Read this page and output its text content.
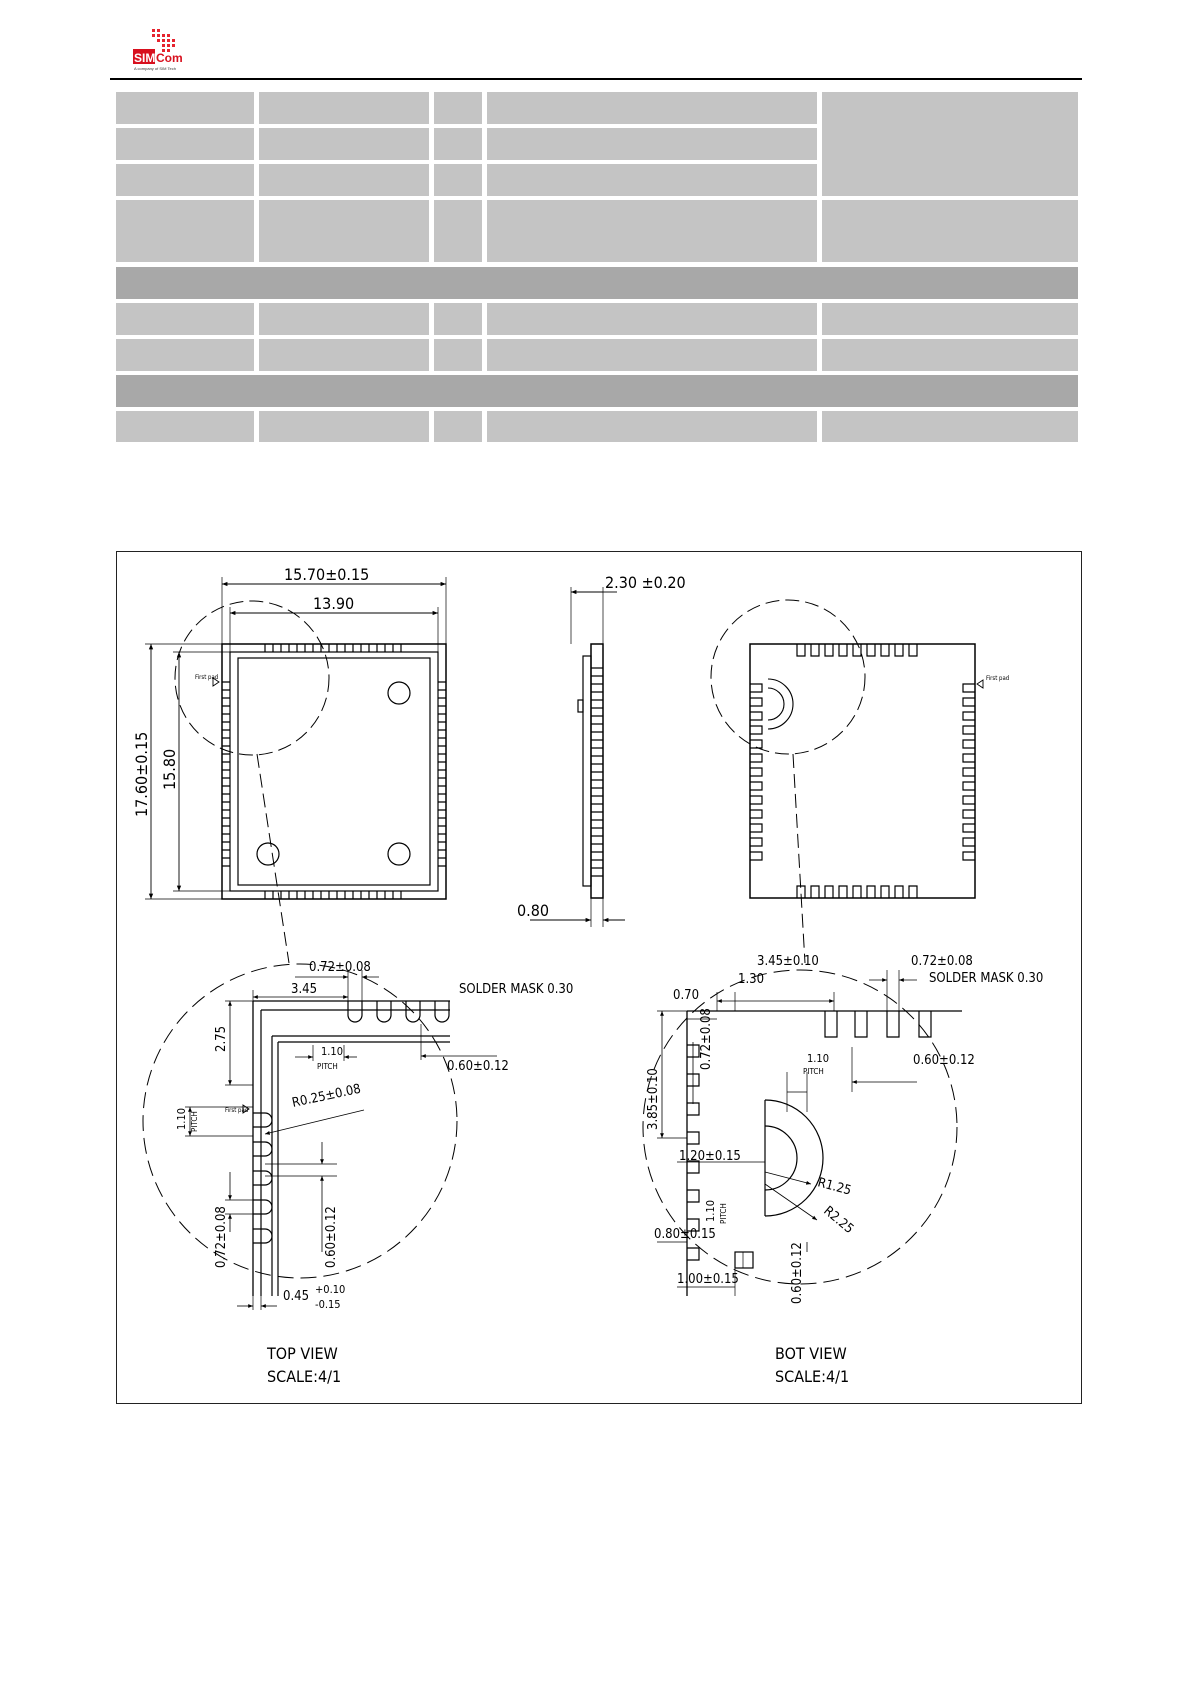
SIM Com
A company of SIM Tech
15.70±0.15
13.90
17.60±0.15 15.80
First pad	First pad
2.30 ±0.20
0.80
0.72±0.08
3.45	SOLDER MASK 0.30
2.75
1.10 PITCH
1.10
PITCH	0.60±0.12
R0.25±0.08
First pad
0.72±0.08	0.60±0.12
0.45 +0.10
-0.15
3.45±0.10	0.72±0.08
1.30	SOLDER MASK 0.30
0.70
3.85±0.10
0.72±0.08	1.10
PITCH
0.60±0.12
1.20±0.15
R1.25
R2.25
1.10 PITCH
0.80±0.15
1.00±0.15	0.60±0.12
TOP VIEW
SCALE:4/1
BOT VIEW
SCALE:4/1
